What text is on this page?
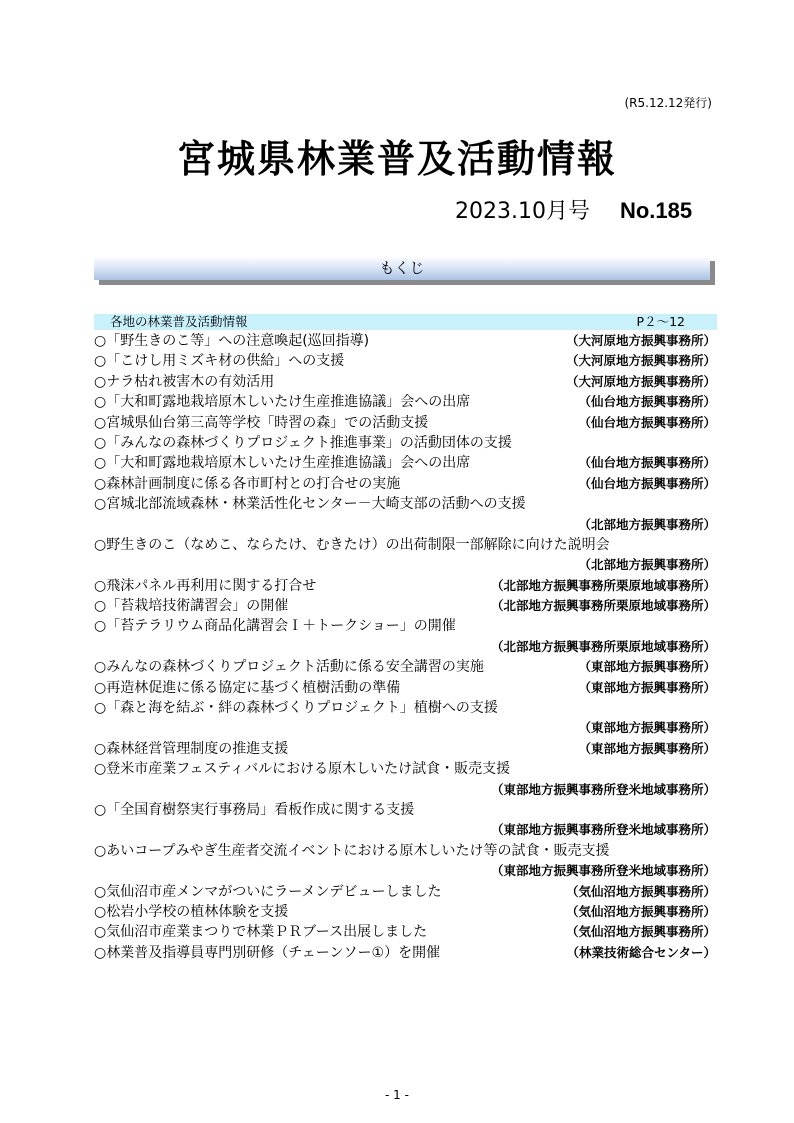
(R5.12.12発行)
宮城県林業普及活動情報
2023.10月号 No.185
もくじ
各地の林業普及活動情報	P２～12
○「野生きのこ等」への注意喚起(巡回指導)	（大河原地方振興事務所）
○「こけし用ミズキ材の供給」への支援	（大河原地方振興事務所）
○ナラ枯れ被害木の有効活用	（大河原地方振興事務所）
○「大和町露地栽培原木しいたけ生産推進協議」会への出席	（仙台地方振興事務所）
○宮城県仙台第三高等学校「時習の森」での活動支援	（仙台地方振興事務所）
○「みんなの森林づくりプロジェクト推進事業」の活動団体の支援
○「大和町露地栽培原木しいたけ生産推進協議」会への出席	（仙台地方振興事務所）
○森林計画制度に係る各市町村との打合せの実施	（仙台地方振興事務所）
○宮城北部流域森林・林業活性化センター－大崎支部の活動への支援
（北部地方振興事務所）
○野生きのこ（なめこ、ならたけ、むきたけ）の出荷制限一部解除に向けた説明会
（北部地方振興事務所）
○飛沫パネル再利用に関する打合せ	（北部地方振興事務所栗原地域事務所）
○「苔栽培技術講習会」の開催	（北部地方振興事務所栗原地域事務所）
○「苔テラリウム商品化講習会Ｉ＋トークショー」の開催
（北部地方振興事務所栗原地域事務所）
○みんなの森林づくりプロジェクト活動に係る安全講習の実施	（東部地方振興事務所）
○再造林促進に係る協定に基づく植樹活動の準備	（東部地方振興事務所）
○「森と海を結ぶ・絆の森林づくりプロジェクト」植樹への支援
（東部地方振興事務所）
○森林経営管理制度の推進支援	（東部地方振興事務所）
○登米市産業フェスティバルにおける原木しいたけ試食・販売支援
（東部地方振興事務所登米地域事務所）
○「全国育樹祭実行事務局」看板作成に関する支援
（東部地方振興事務所登米地域事務所）
○あいコープみやぎ生産者交流イベントにおける原木しいたけ等の試食・販売支援
（東部地方振興事務所登米地域事務所）
○気仙沼市産メンマがついにラーメンデビューしました	（気仙沼地方振興事務所）
○松岩小学校の植林体験を支援	（気仙沼地方振興事務所）
○気仙沼市産業まつりで林業ＰＲブース出展しました	（気仙沼地方振興事務所）
○林業普及指導員専門別研修（チェーンソー①）を開催	（林業技術総合センター）
- 1 -
